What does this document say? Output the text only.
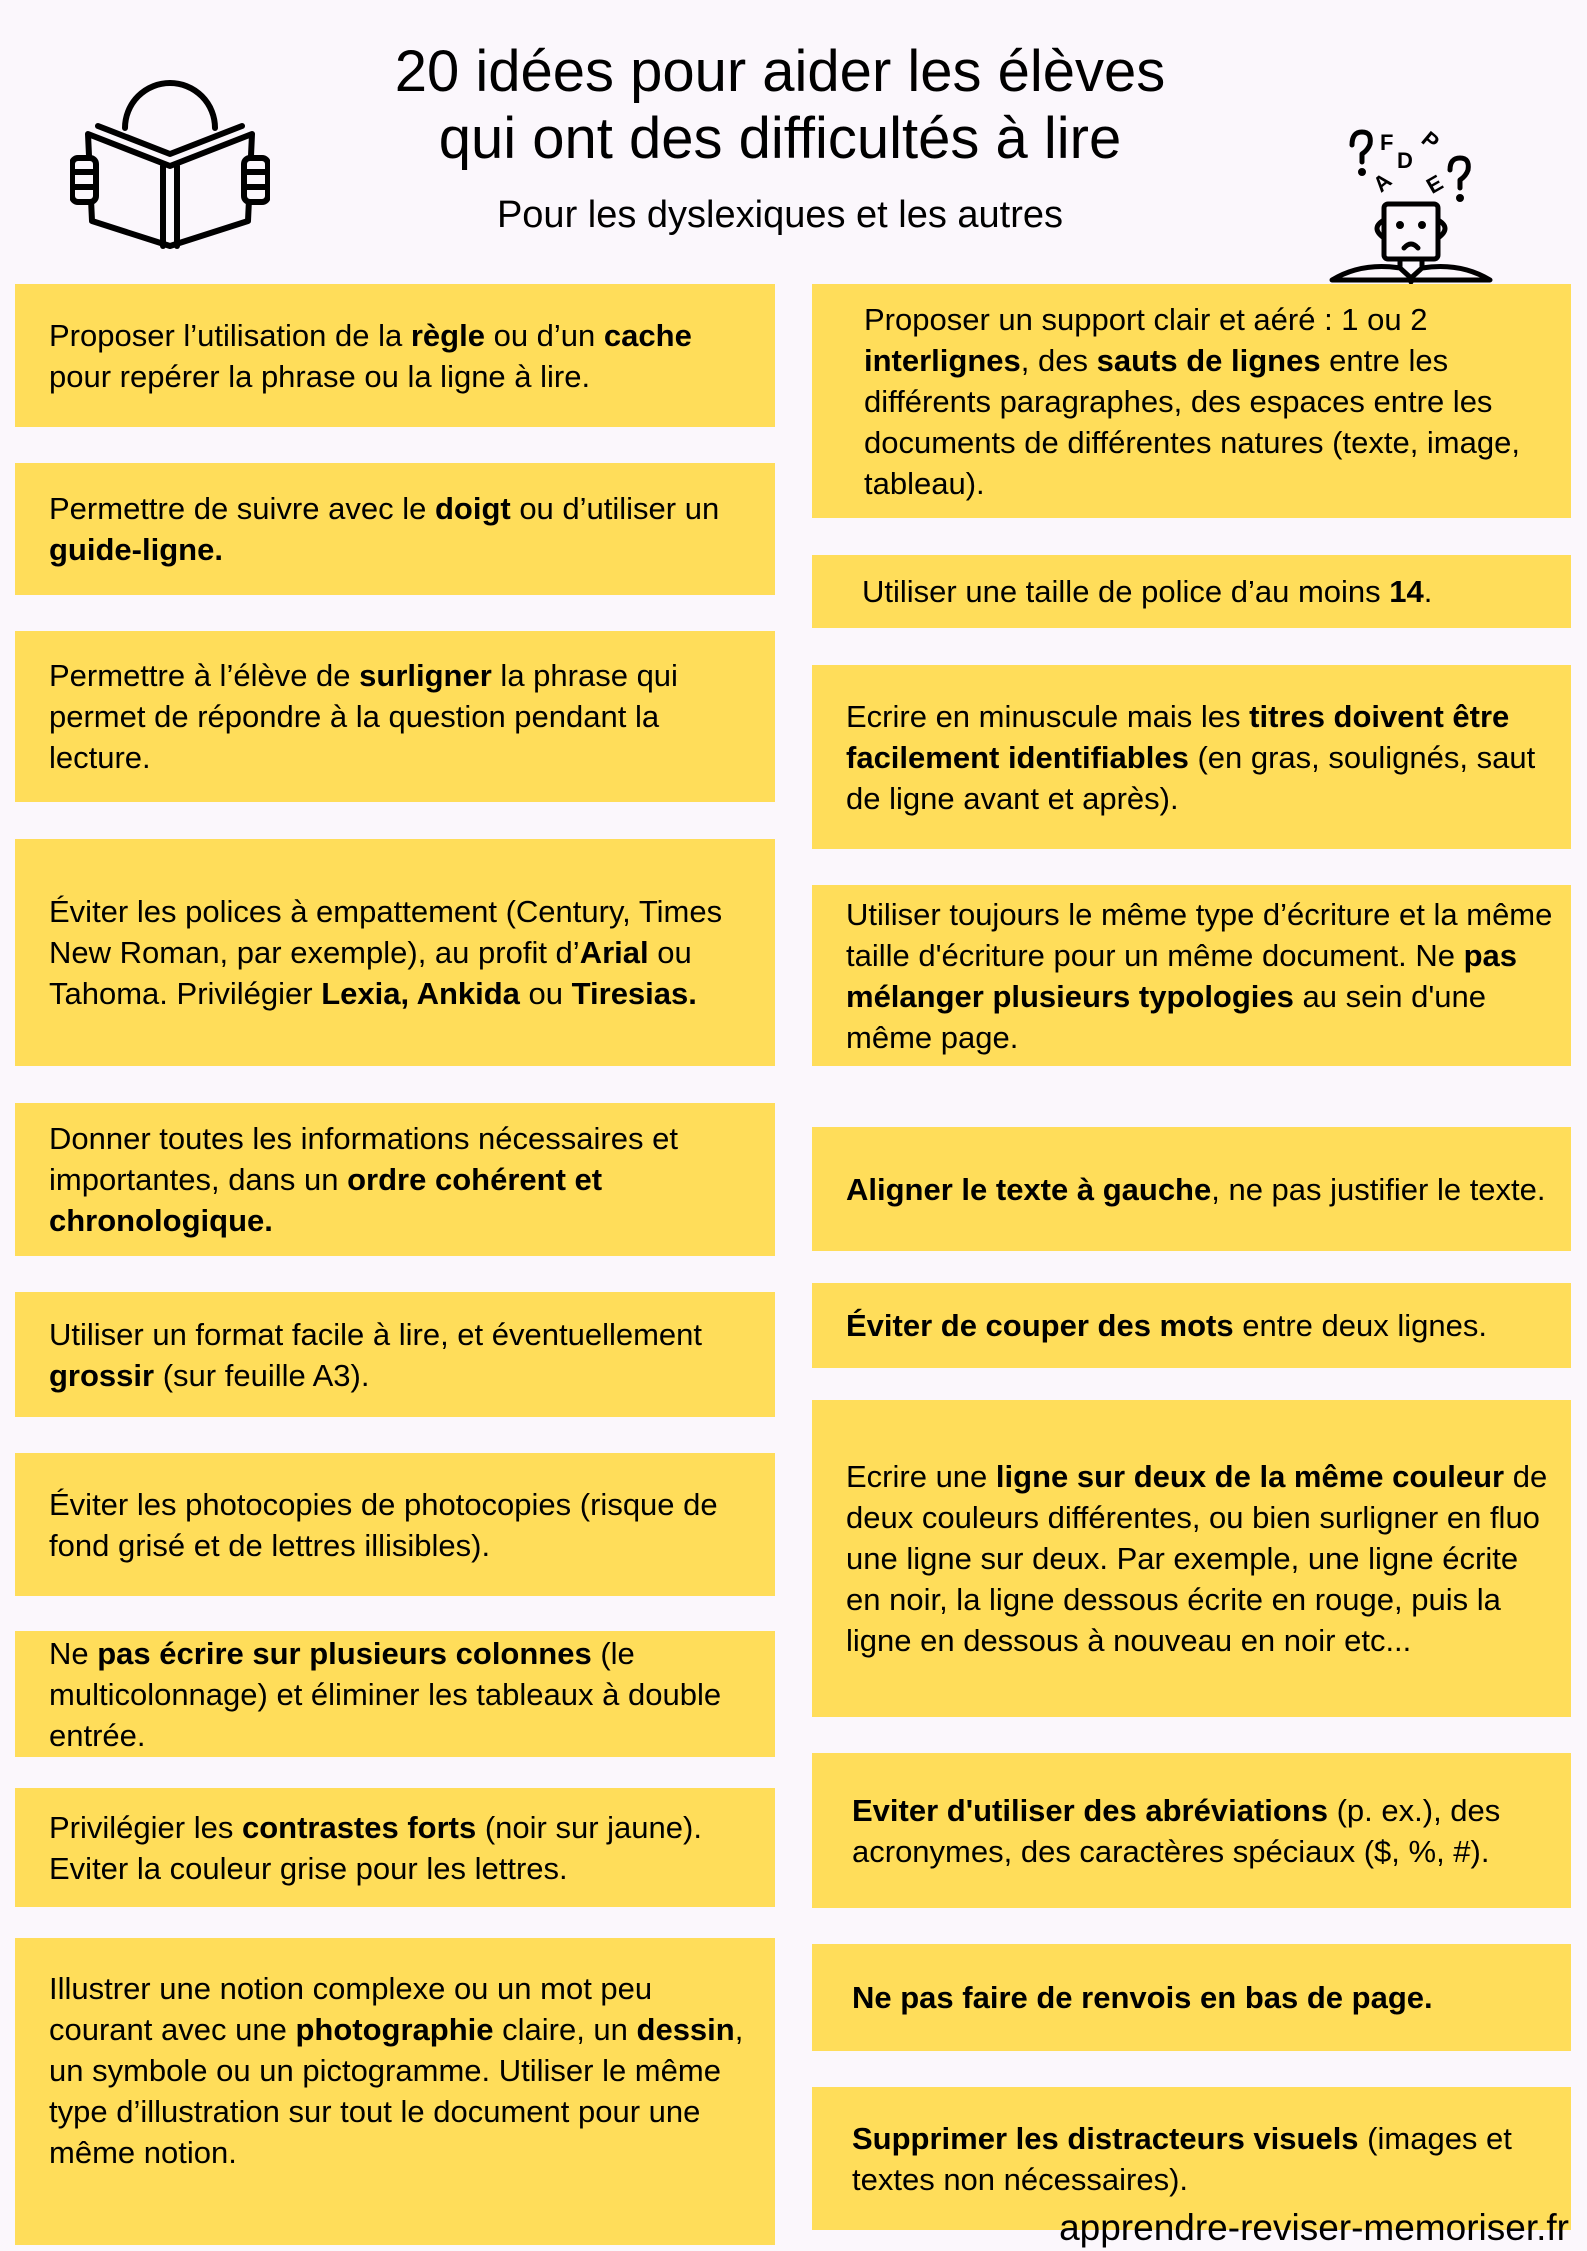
20 idées pour aider les élèves
qui ont des difficultés à lire

Pour les dyslexiques et les autres

F
D
P
A E

Proposer l’utilisation de la règle ou d’un cache pour repérer la phrase ou la ligne à lire.

Permettre de suivre avec le doigt ou d’utiliser un guide-ligne.

Permettre à l’élève de surligner la phrase qui permet de répondre à la question pendant la lecture.

Éviter les polices à empattement (Century, Times New Roman, par exemple), au profit d’Arial ou Tahoma. Privilégier Lexia, Ankida ou Tiresias.

Donner toutes les informations nécessaires et importantes, dans un ordre cohérent et chronologique.

Utiliser un format facile à lire, et éventuellement grossir (sur feuille A3).

Éviter les photocopies de photocopies (risque de fond grisé et de lettres illisibles).

Ne pas écrire sur plusieurs colonnes (le multicolonnage) et éliminer les tableaux à double entrée.

Privilégier les contrastes forts (noir sur jaune). Eviter la couleur grise pour les lettres.

Illustrer une notion complexe ou un mot peu courant avec une photographie claire, un dessin, un symbole ou un pictogramme. Utiliser le même type d’illustration sur tout le document pour une même notion.

Proposer un support clair et aéré : 1 ou 2 interlignes, des sauts de lignes entre les différents paragraphes, des espaces entre les documents de différentes natures (texte, image, tableau).

Utiliser une taille de police d’au moins 14.

Ecrire en minuscule mais les titres doivent être facilement identifiables (en gras, soulignés, saut de ligne avant et après).

Utiliser toujours le même type d’écriture et la même taille d'écriture pour un même document. Ne pas mélanger plusieurs typologies au sein d'une même page.

Aligner le texte à gauche, ne pas justifier le texte.

Éviter de couper des mots entre deux lignes.

Ecrire une ligne sur deux de la même couleur de deux couleurs différentes, ou bien surligner en fluo une ligne sur deux. Par exemple, une ligne écrite en noir, la ligne dessous écrite en rouge, puis la ligne en dessous à nouveau en noir etc...

Eviter d'utiliser des abréviations (p. ex.), des acronymes, des caractères spéciaux ($, %, #).

Ne pas faire de renvois en bas de page.

Supprimer les distracteurs visuels (images et textes non nécessaires).

apprendre-reviser-memoriser.fr
